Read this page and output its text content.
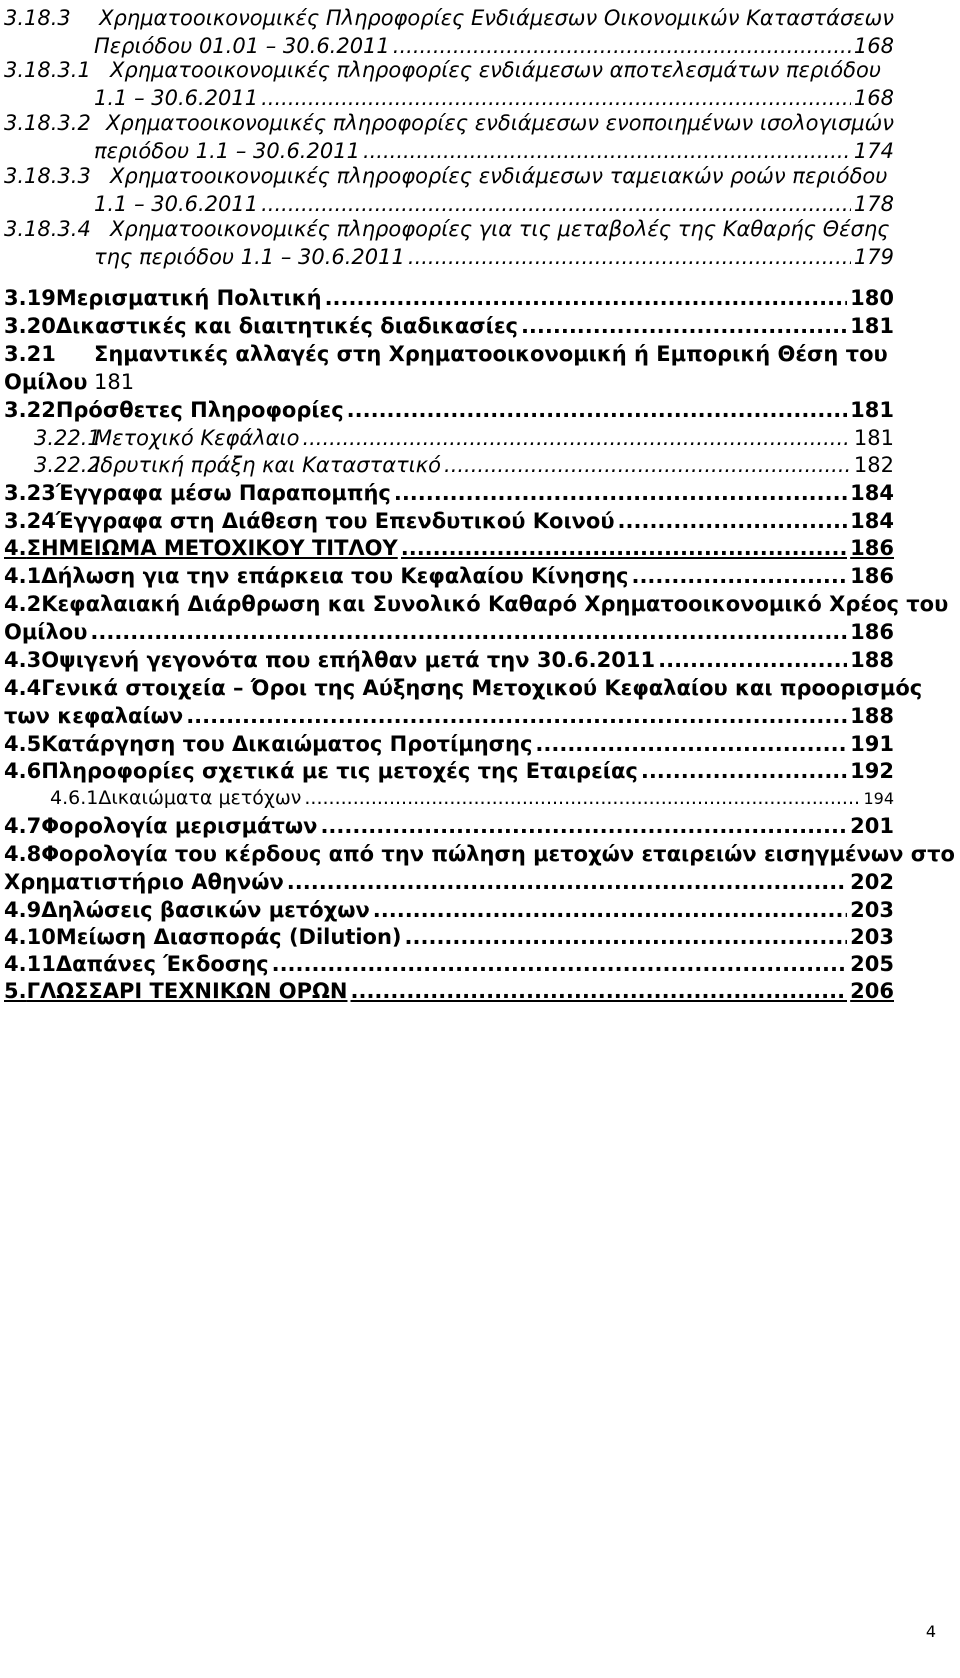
3.18.3	Χρηματοοικονομικές Πληροφορίες Ενδιάμεσων Οικονομικών Καταστάσεων
Περιόδου 01.01 – 30.6.2011 .....	168
3.18.3.1 Χρηματοοικονομικές πληροφορίες ενδιάμεσων αποτελεσμάτων περιόδου
1.1 – 30.6.2011 .....	168
3.18.3.2 Χρηματοοικονομικές πληροφορίες ενδιάμεσων ενοποιημένων ισολογισμών
περιόδου 1.1 – 30.6.2011 .....	174
3.18.3.3 Χρηματοοικονομικές πληροφορίες ενδιάμεσων ταμειακών ροών περιόδου
1.1 – 30.6.2011 .....	178
3.18.3.4 Χρηματοοικονομικές πληροφορίες για τις μεταβολές της Καθαρής Θέσης
της περιόδου 1.1 – 30.6.2011 .....	179
3.19 Μερισματική Πολιτική .....	180
3.20 Δικαστικές και διαιτητικές διαδικασίες .....	181
3.21	Σημαντικές αλλαγές στη Χρηματοοικονομική ή Εμπορική Θέση του
Ομίλου 181
3.22 Πρόσθετες Πληροφορίες .....	181
3.22.1
Μετοχικό Κεφάλαιο .....	181
3.22.2
Ιδρυτική πράξη και Καταστατικό .....	182
3.23 Έγγραφα μέσω Παραπομπής .....	184
3.24 Έγγραφα στη Διάθεση του Επενδυτικού Κοινού .....	184
4. ΣΗΜΕΙΩΜΑ ΜΕΤΟΧΙΚΟΥ ΤΙΤΛΟΥ .....	186
4.1 Δήλωση για την επάρκεια του Κεφαλαίου Κίνησης .....	186
4.2 Κεφαλαιακή Διάρθρωση και Συνολικό Καθαρό Χρηματοοικονομικό Χρέος του
Ομίλου .....	186
4.3 Οψιγενή γεγονότα που επήλθαν μετά την 30.6.2011 .....	188
4.4 Γενικά στοιχεία – Όροι της Αύξησης Μετοχικού Κεφαλαίου και προορισμός
των κεφαλαίων .....	188
4.5 Κατάργηση του Δικαιώματος Προτίμησης .....	191
4.6 Πληροφορίες σχετικά με τις μετοχές της Εταιρείας .....	192
4.6.1 Δικαιώματα μετόχων .....	194
4.7 Φορολογία μερισμάτων .....	201
4.8 Φορολογία του κέρδους από την πώληση μετοχών εταιρειών εισηγμένων στο
Χρηματιστήριο Αθηνών .....	202
4.9 Δηλώσεις βασικών μετόχων .....	203
4.10 Μείωση Διασποράς (Dilution) .....	203
4.11 Δαπάνες Έκδοσης .....	205
5. ΓΛΩΣΣΑΡΙ ΤΕΧΝΙΚΩΝ ΟΡΩΝ .....	206
4
